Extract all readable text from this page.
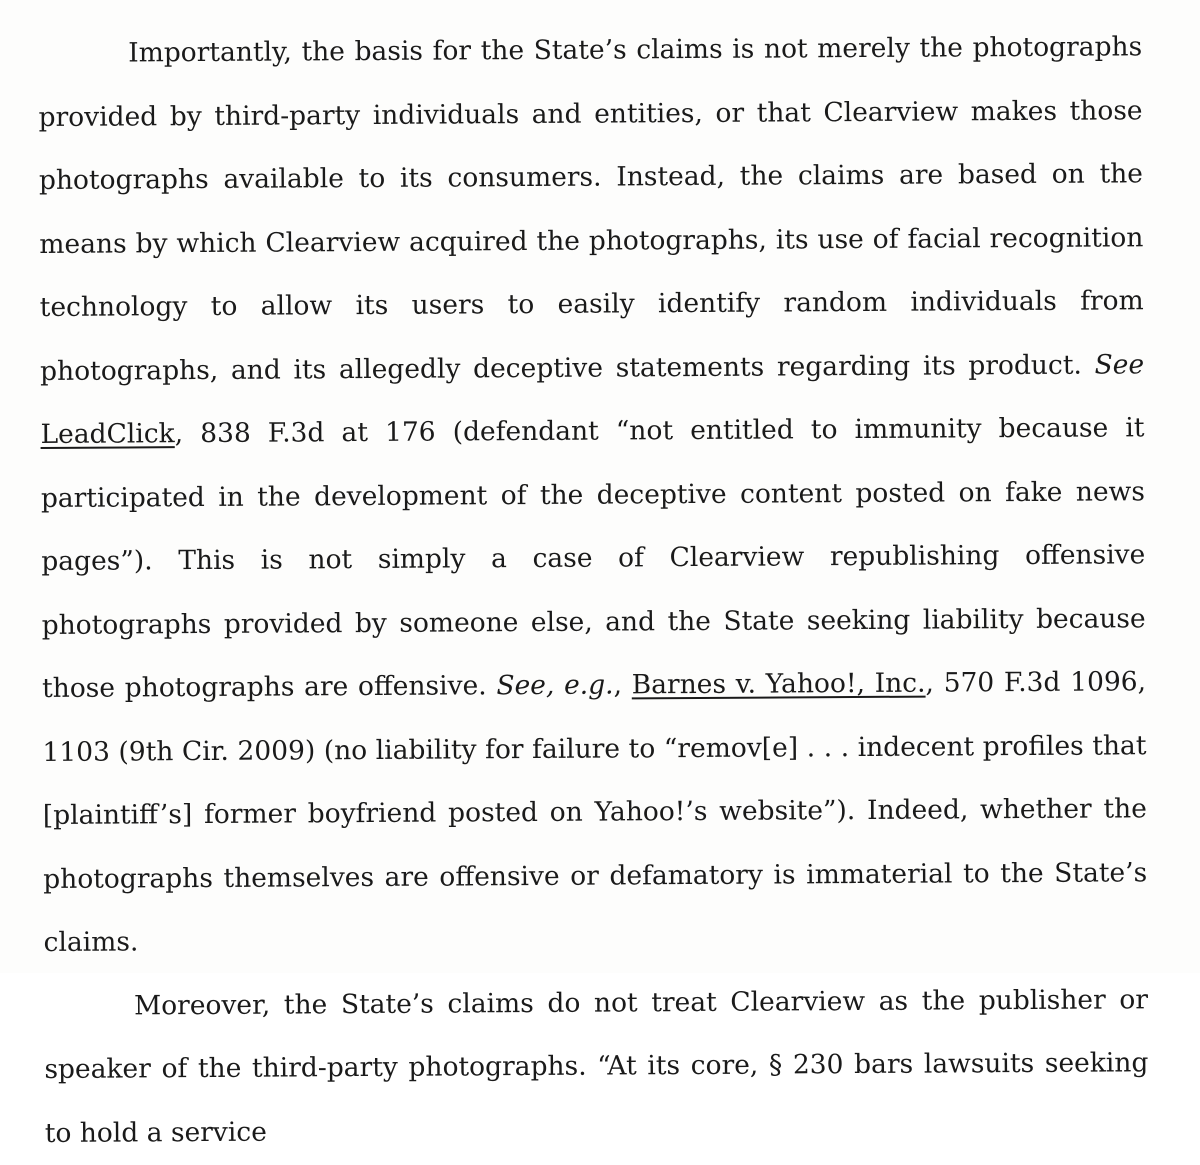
Importantly, the basis for the State’s claims is not merely the photographs provided by third-party individuals and entities, or that Clearview makes those photographs available to its consumers. Instead, the claims are based on the means by which Clearview acquired the photographs, its use of facial recognition technology to allow its users to easily identify random individuals from photographs, and its allegedly deceptive statements regarding its product. See LeadClick, 838 F.3d at 176 (defendant “not entitled to immunity because it participated in the development of the deceptive content posted on fake news pages”). This is not simply a case of Clearview republishing offensive photographs provided by someone else, and the State seeking liability because those photographs are offensive. See, e.g., Barnes v. Yahoo!, Inc., 570 F.3d 1096, 1103 (9th Cir. 2009) (no liability for failure to “remov[e] . . . indecent profiles that [plaintiff’s] former boyfriend posted on Yahoo!’s website”). Indeed, whether the photographs themselves are offensive or defamatory is immaterial to the State’s claims.

Moreover, the State’s claims do not treat Clearview as the publisher or speaker of the third-party photographs. “At its core, § 230 bars lawsuits seeking to hold a service
